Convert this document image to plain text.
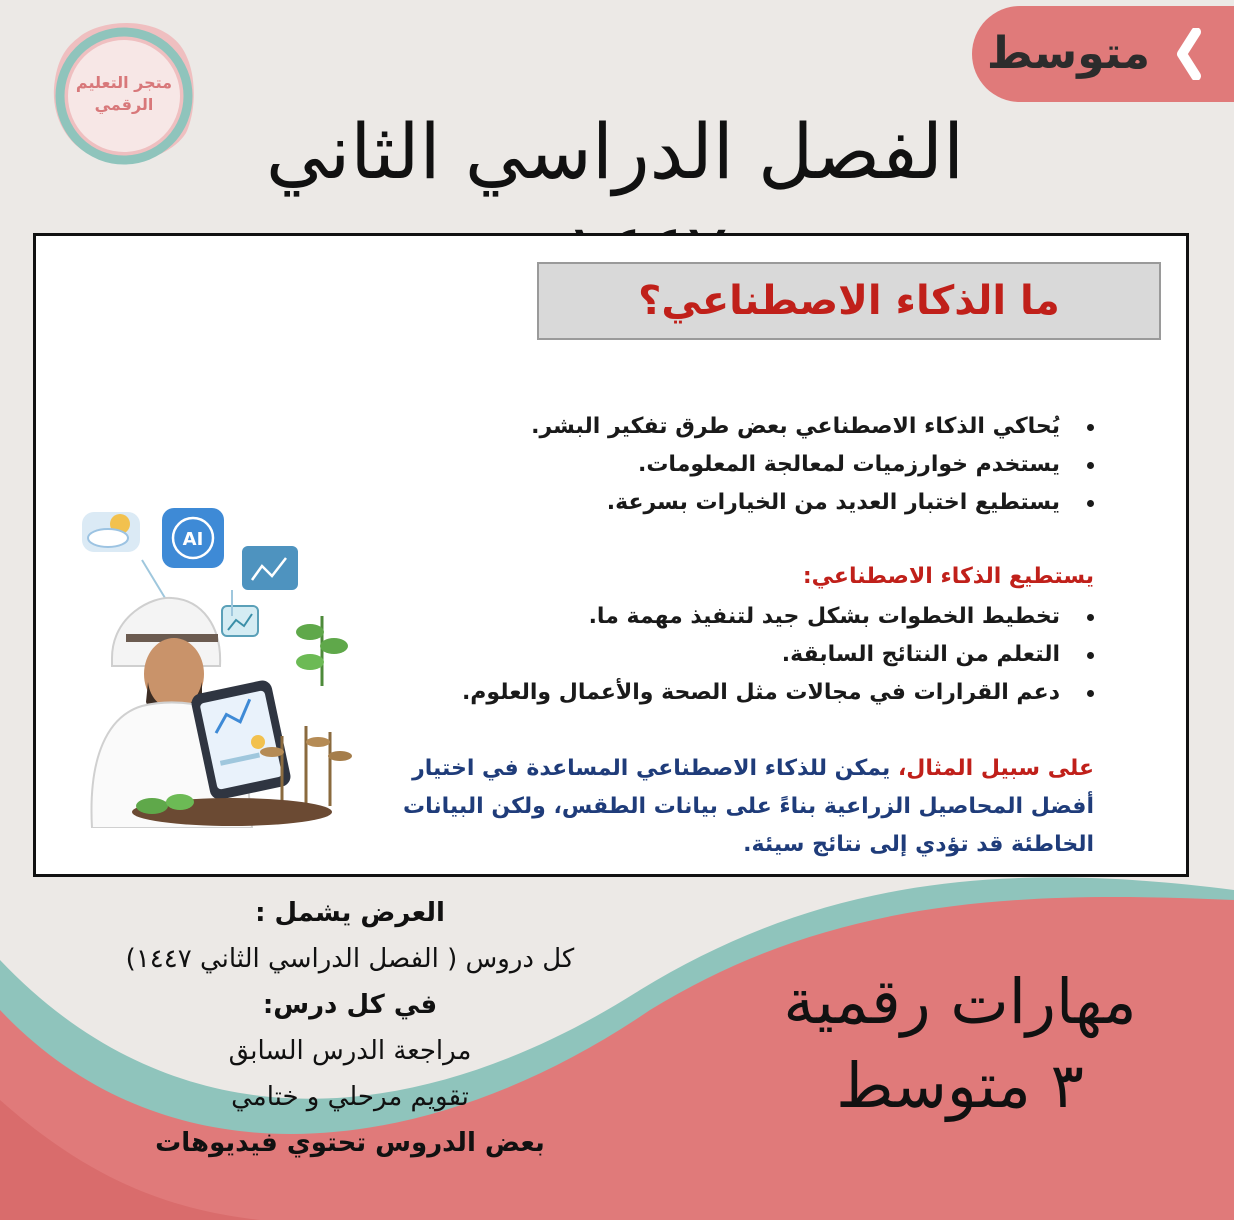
متجر التعليم
الرقمي
متوسط
الفصل الدراسي الثاني
ما الذكاء الاصطناعي؟
يُحاكي الذكاء الاصطناعي بعض طرق تفكير البشر.
يستخدم خوارزميات لمعالجة المعلومات.
يستطيع اختبار العديد من الخيارات بسرعة.
يستطيع الذكاء الاصطناعي:
تخطيط الخطوات بشكل جيد لتنفيذ مهمة ما.
التعلم من النتائج السابقة.
دعم القرارات في مجالات مثل الصحة والأعمال والعلوم.
على سبيل المثال، يمكن للذكاء الاصطناعي المساعدة في اختيار أفضل المحاصيل الزراعية بناءً على بيانات الطقس، ولكن البيانات الخاطئة قد تؤدي إلى نتائج سيئة.
AI
العرض يشمل :
كل دروس ( الفصل الدراسي الثاني ١٤٤٧)
في كل درس:
مراجعة الدرس السابق
تقويم مرحلي و ختامي
بعض الدروس تحتوي فيديوهات
مهارات رقمية
٣ متوسط
